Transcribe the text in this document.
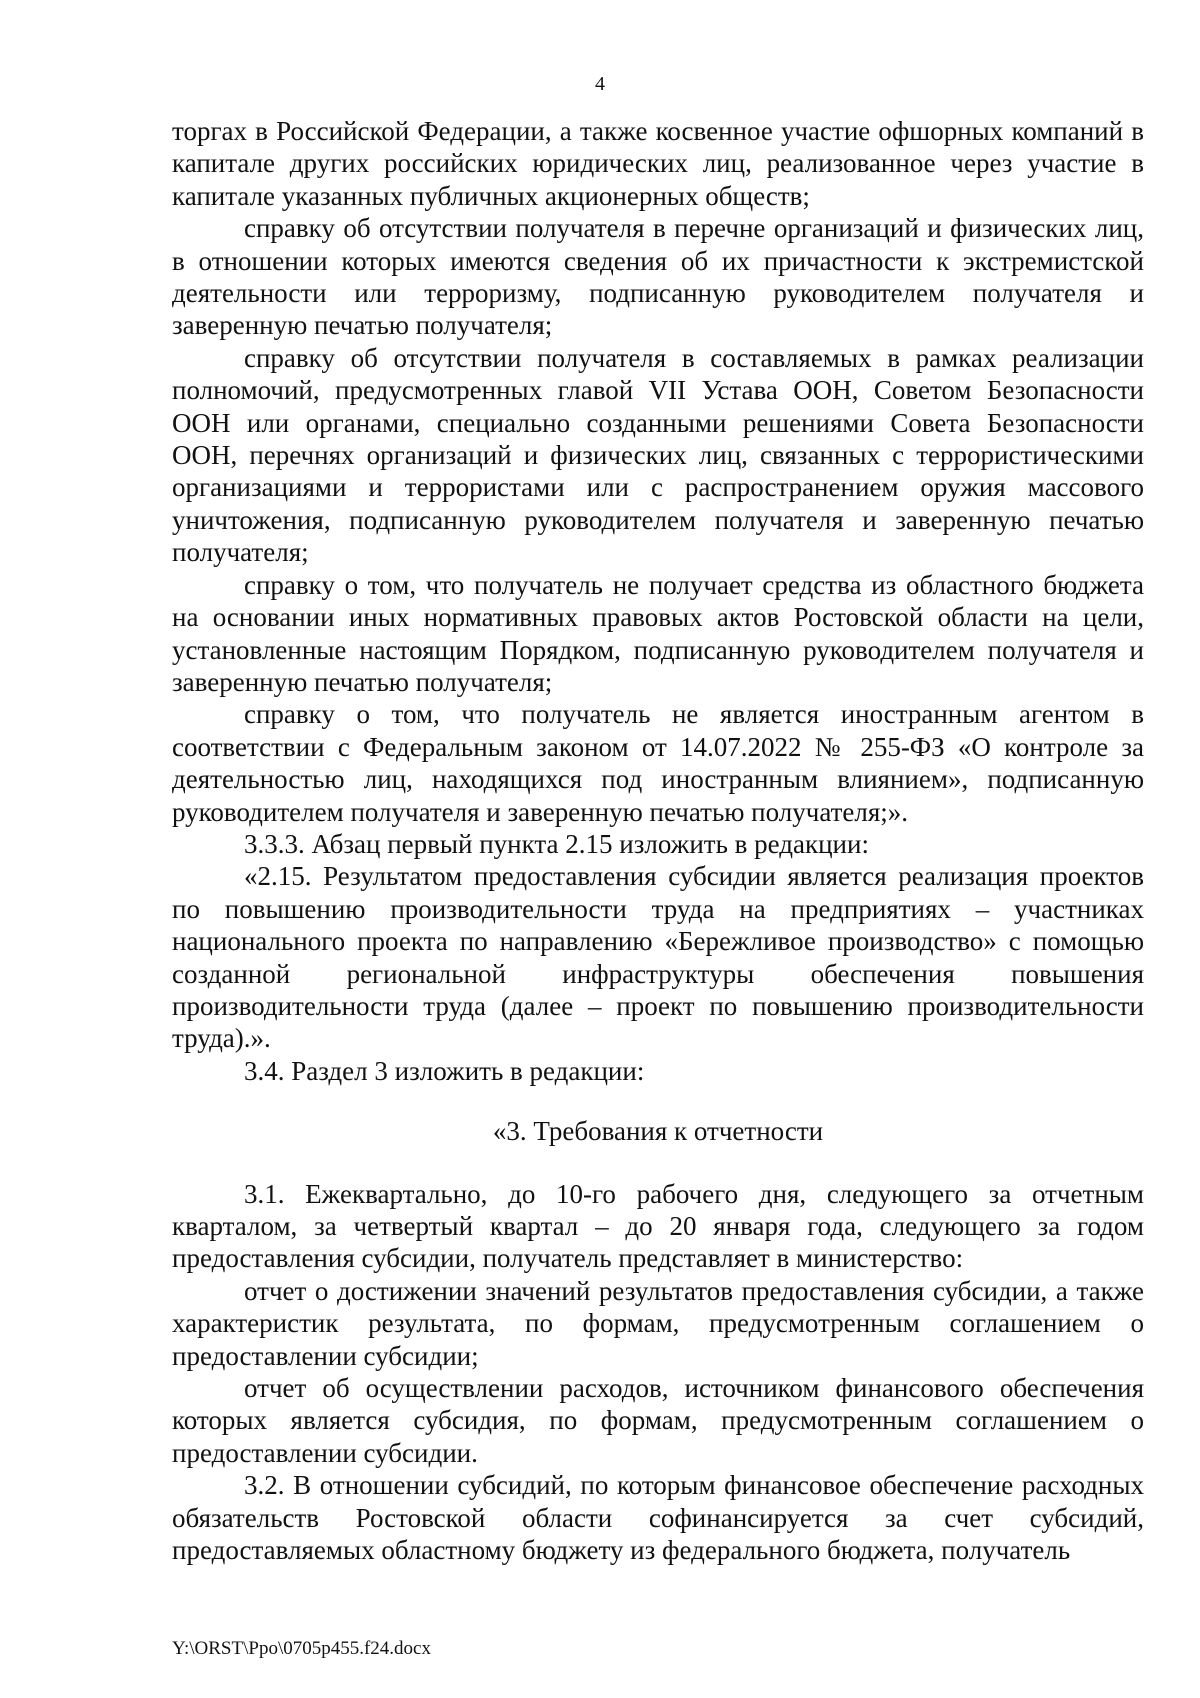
4

торгах в Российской Федерации, а также косвенное участие офшорных компаний в капитале других российских юридических лиц, реализованное через участие в капитале указанных публичных акционерных обществ;

справку об отсутствии получателя в перечне организаций и физических лиц, в отношении которых имеются сведения об их причастности к экстремистской деятельности или терроризму, подписанную руководителем получателя и заверенную печатью получателя;

справку об отсутствии получателя в составляемых в рамках реализации полномочий, предусмотренных главой VII Устава ООН, Советом Безопасности ООН или органами, специально созданными решениями Совета Безопасности ООН, перечнях организаций и физических лиц, связанных с террористическими организациями и террористами или с распространением оружия массового уничтожения, подписанную руководителем получателя и заверенную печатью получателя;

справку о том, что получатель не получает средства из областного бюджета на основании иных нормативных правовых актов Ростовской области на цели, установленные настоящим Порядком, подписанную руководителем получателя и заверенную печатью получателя;

справку о том, что получатель не является иностранным агентом в соответствии с Федеральным законом от 14.07.2022 № 255-ФЗ «О контроле за деятельностью лиц, находящихся под иностранным влиянием», подписанную руководителем получателя и заверенную печатью получателя;».

3.3.3. Абзац первый пункта 2.15 изложить в редакции:

«2.15. Результатом предоставления субсидии является реализация проектов по повышению производительности труда на предприятиях – участниках национального проекта по направлению «Бережливое производство» с помощью созданной региональной инфраструктуры обеспечения повышения производительности труда (далее – проект по повышению производительности труда).».

3.4. Раздел 3 изложить в редакции:

«3. Требования к отчетности

3.1. Ежеквартально, до 10-го рабочего дня, следующего за отчетным кварталом, за четвертый квартал – до 20 января года, следующего за годом предоставления субсидии, получатель представляет в министерство:

отчет о достижении значений результатов предоставления субсидии, а также характеристик результата, по формам, предусмотренным соглашением о предоставлении субсидии;

отчет об осуществлении расходов, источником финансового обеспечения которых является субсидия, по формам, предусмотренным соглашением о предоставлении субсидии.

3.2. В отношении субсидий, по которым финансовое обеспечение расходных обязательств Ростовской области софинансируется за счет субсидий, предоставляемых областному бюджету из федерального бюджета, получатель

Y:\ORST\Ppo\0705p455.f24.docx
